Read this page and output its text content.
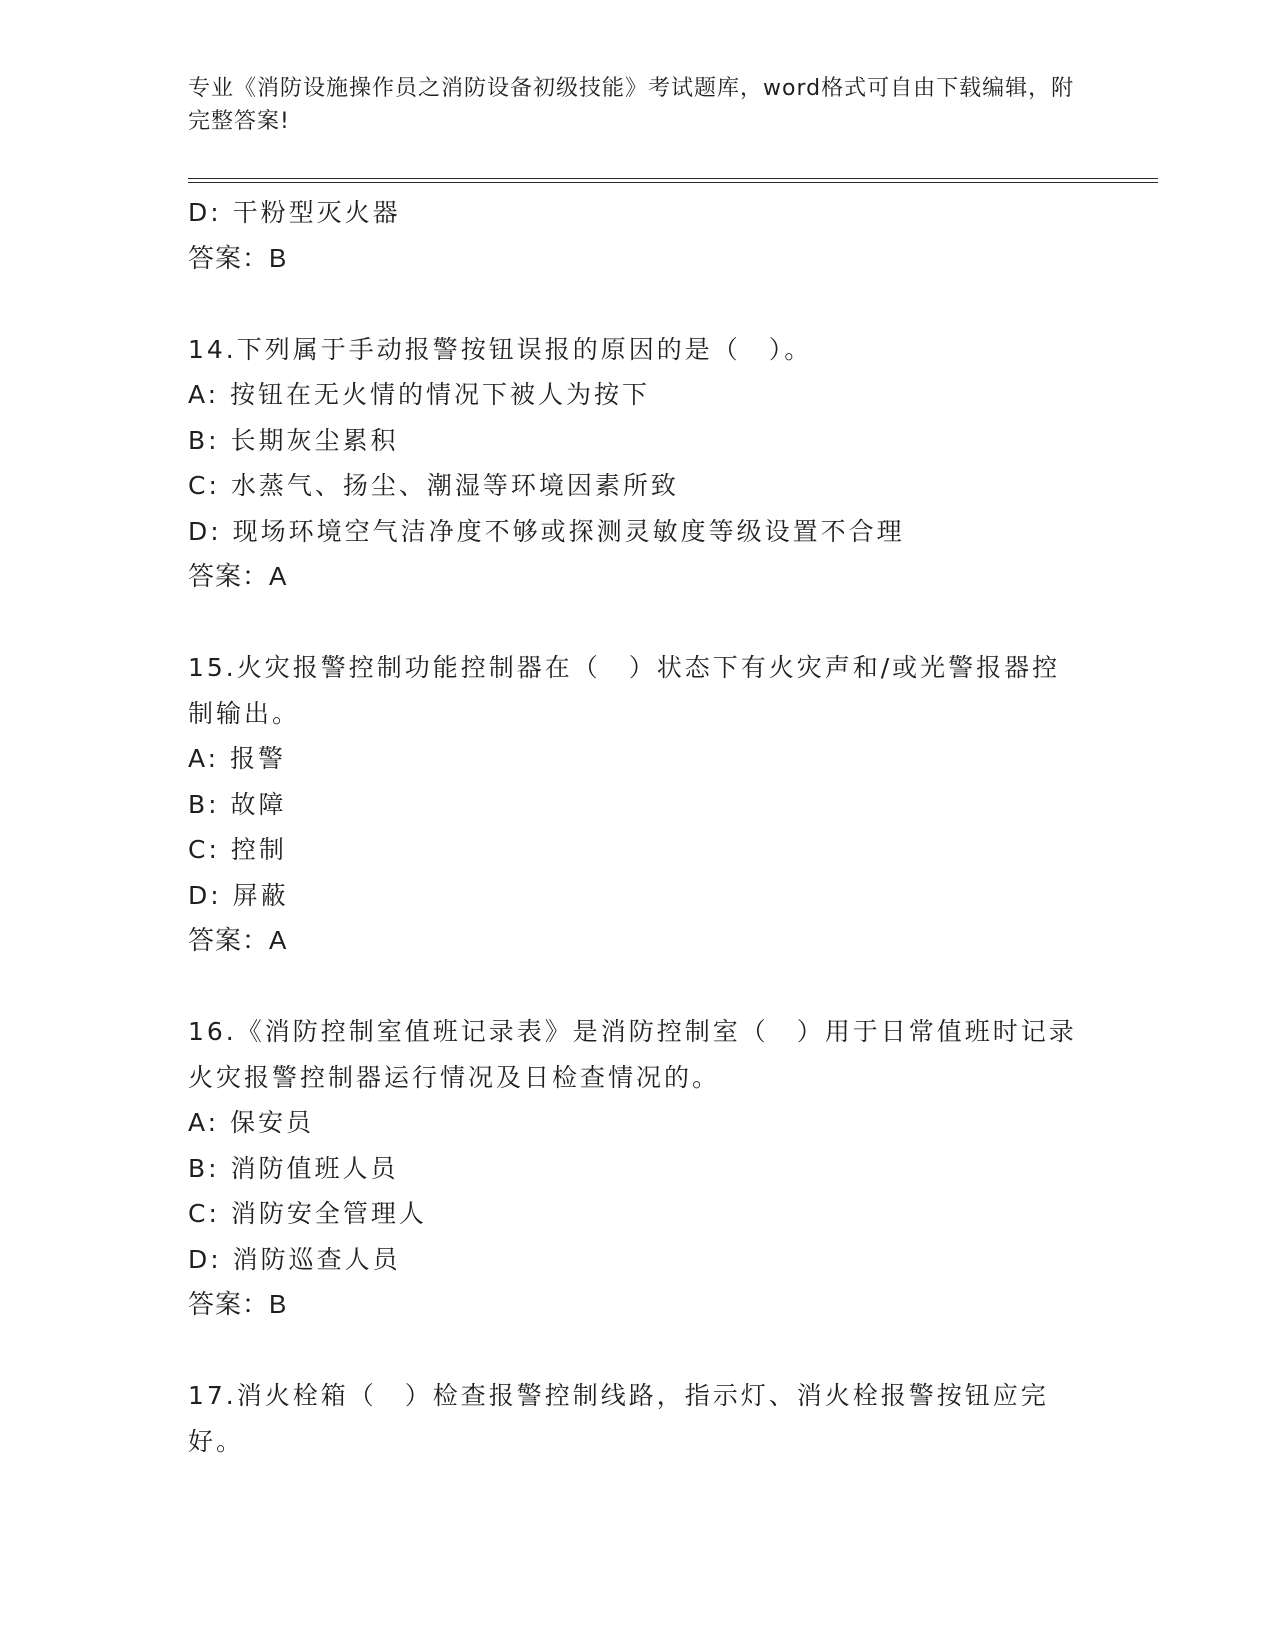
专业《消防设施操作员之消防设备初级技能》考试题库，word格式可自由下载编辑，附完整答案!
D: 干粉型灭火器
答案：B
14.下列属于手动报警按钮误报的原因的是（　）。
A: 按钮在无火情的情况下被人为按下
B: 长期灰尘累积
C: 水蒸气、扬尘、潮湿等环境因素所致
D: 现场环境空气洁净度不够或探测灵敏度等级设置不合理
答案：A
15.火灾报警控制功能控制器在（　）状态下有火灾声和/或光警报器控制输出。
A: 报警
B: 故障
C: 控制
D: 屏蔽
答案：A
16.《消防控制室值班记录表》是消防控制室（　）用于日常值班时记录火灾报警控制器运行情况及日检查情况的。
A: 保安员
B: 消防值班人员
C: 消防安全管理人
D: 消防巡查人员
答案：B
17.消火栓箱（　）检查报警控制线路，指示灯、消火栓报警按钮应完好。
